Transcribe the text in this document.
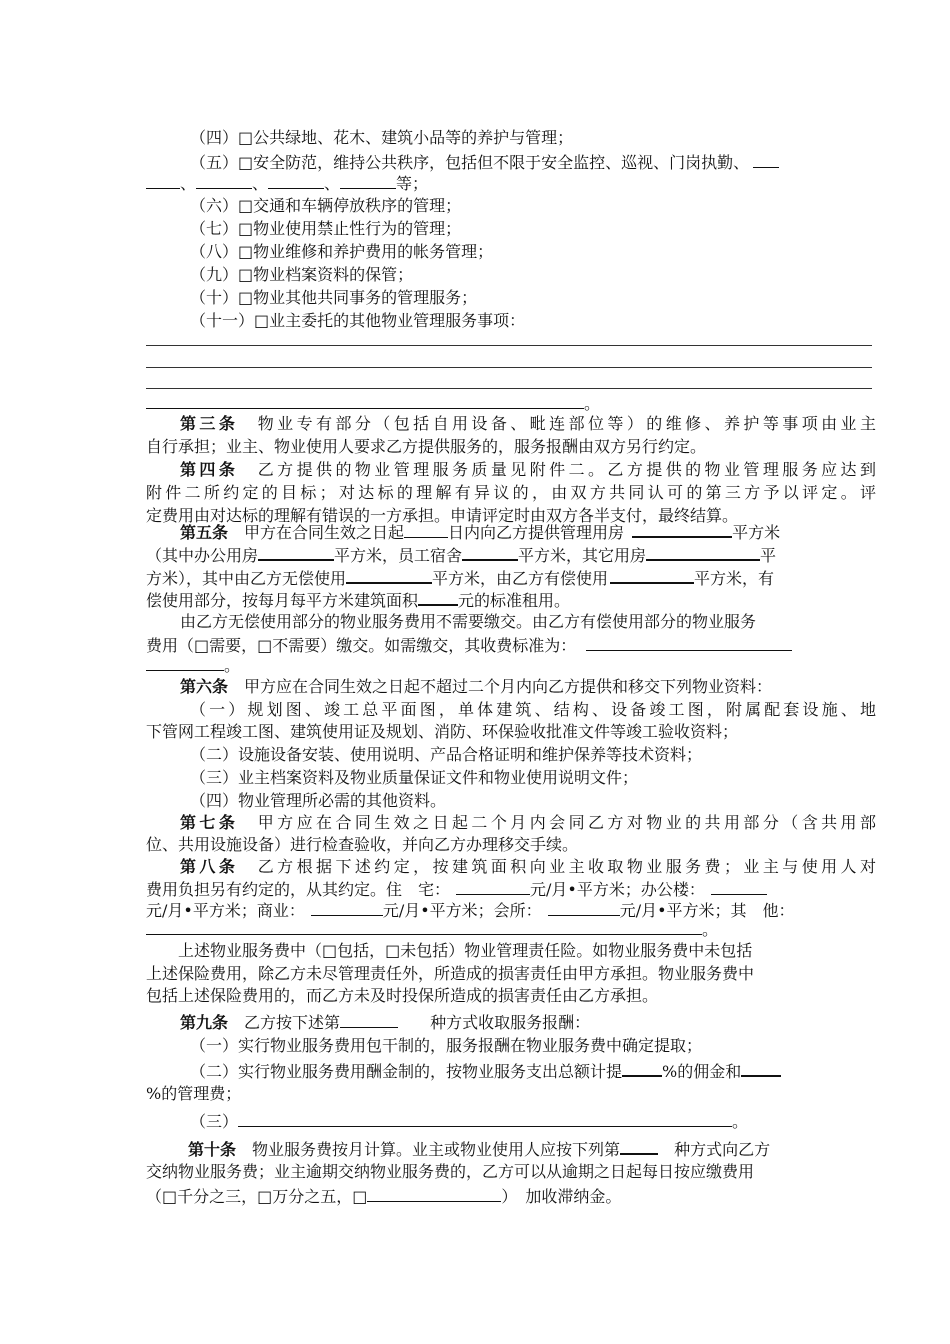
（四）□公共绿地、花木、建筑小品等的养护与管理；
（五）□安全防范，维持公共秩序，包括但不限于安全监控、巡视、门岗执勤、
、	、	、	等；
（六）□交通和车辆停放秩序的管理；
（七）□物业使用禁止性行为的管理；
（八）□物业维修和养护费用的帐务管理；
（九）□物业档案资料的保管；
（十）□物业其他共同事务的管理服务；
（十一）□业主委托的其他物业管理服务事项：
。
第三条　 物业专有部分（包括自用设备、毗连部位等）的维修、养护等事项由业主
自行承担；业主、物业使用人要求乙方提供服务的，服务报酬由双方另行约定。
第四条　 乙方提供的物业管理服务质量见附件二。乙方提供的物业管理服务应达到
附件二所约定的目标；对达标的理解有异议的，由双方共同认可的第三方予以评定。评
定费用由对达标的理解有错误的一方承担。申请评定时由双方各半支付，最终结算。
第五条　 甲方在合同生效之日起	日内向乙方提供管理用房	平方米
（其中办公用房	平方米，员工宿舍	平方米，其它用房	平
方米），其中由乙方无偿使用	平方米，由乙方有偿使用	平方米，有
偿使用部分，按每月每平方米建筑面积	元的标准租用。
由乙方无偿使用部分的物业服务费用不需要缴交。由乙方有偿使用部分的物业服务
费用（□需要，□不需要）缴交。如需缴交，其收费标准为：
。
第六条　 甲方应在合同生效之日起不超过二个月内向乙方提供和移交下列物业资料：
（一）规划图、竣工总平面图，单体建筑、结构、设备竣工图，附属配套设施、地
下管网工程竣工图、建筑使用证及规划、消防、环保验收批准文件等竣工验收资料；
（二）设施设备安装、使用说明、产品合格证明和维护保养等技术资料；
（三）业主档案资料及物业质量保证文件和物业使用说明文件；
（四）物业管理所必需的其他资料。
第七条　 甲方应在合同生效之日起二个月内会同乙方对物业的共用部分（含共用部
位、共用设施设备）进行检查验收，并向乙方办理移交手续。
第八条　 乙方根据下述约定，按建筑面积向业主收取物业服务费；业主与使用人对
费用负担另有约定的，从其约定。住　宅：	元/月•平方米；办公楼：
元/月•平方米；商业：	元/月•平方米；会所：	元/月•平方米；其　他：
。
上述物业服务费中（□包括，□未包括）物业管理责任险。如物业服务费中未包括
上述保险费用，除乙方未尽管理责任外，所造成的损害责任由甲方承担。物业服务费中
包括上述保险费用的，而乙方未及时投保所造成的损害责任由乙方承担。
第九条　 乙方按下述第　　	种方式收取服务报酬：
（一）实行物业服务费用包干制的，服务报酬在物业服务费中确定提取；
（二）实行物业服务费用酬金制的，按物业服务支出总额计提	%的佣金和
%的管理费；
（三）	。
第十条　 物业服务费按月计算。业主或物业使用人应按下列第　	种方式向乙方
交纳物业服务费；业主逾期交纳物业服务费的，乙方可以从逾期之日起每日按应缴费用
（□千分之三，□万分之五，□	）　加收滞纳金。
